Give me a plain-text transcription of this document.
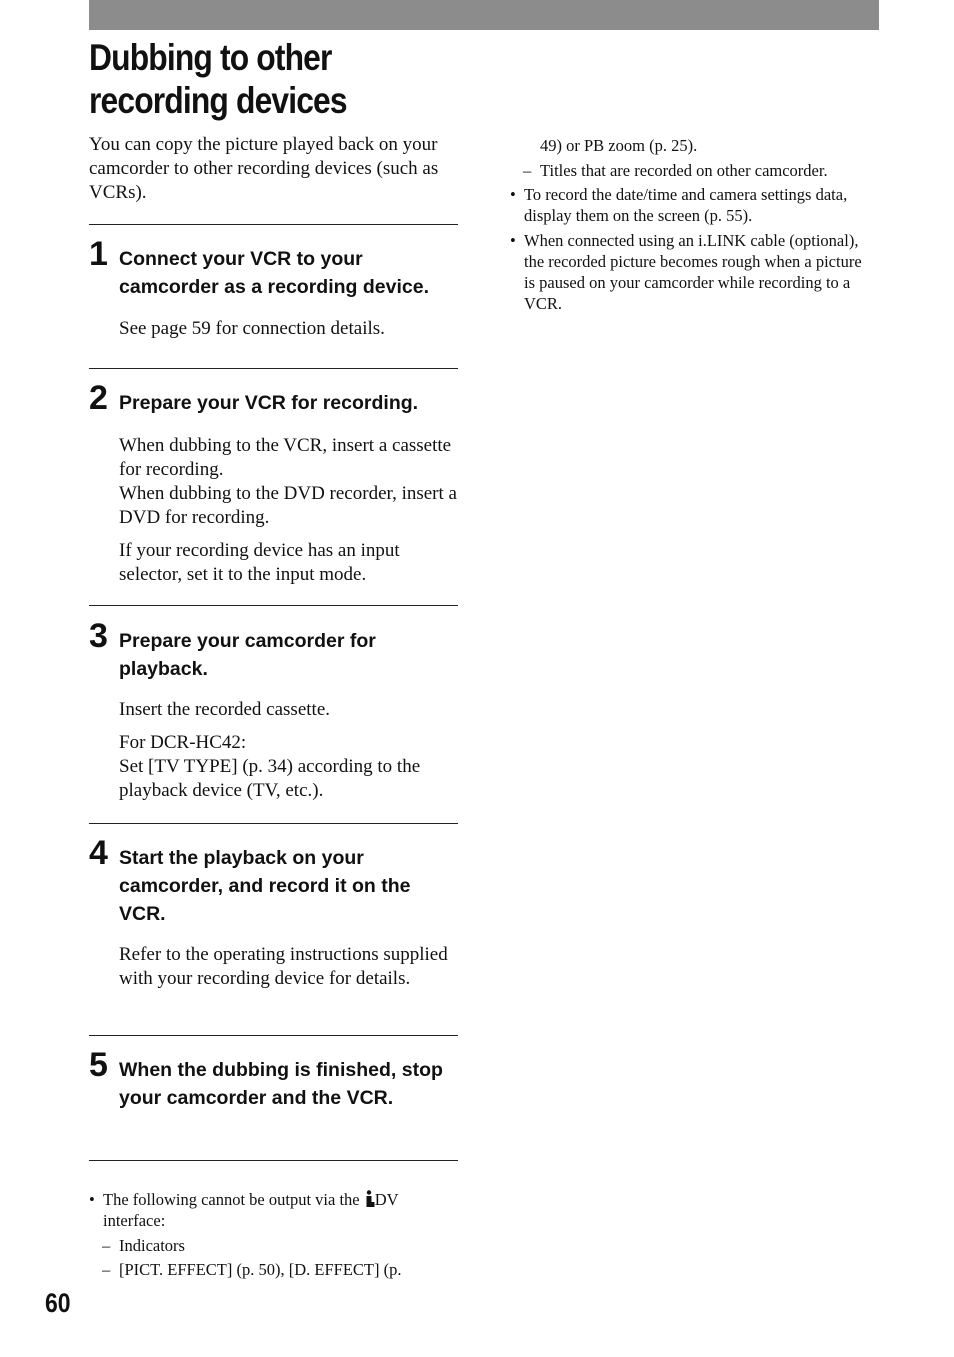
Dubbing to other recording devices

You can copy the picture played back on your camcorder to other recording devices (such as VCRs).

1 Connect your VCR to your camcorder as a recording device.

See page 59 for connection details.

2 Prepare your VCR for recording.

When dubbing to the VCR, insert a cassette for recording.
When dubbing to the DVD recorder, insert a DVD for recording.

If your recording device has an input selector, set it to the input mode.

3 Prepare your camcorder for playback.

Insert the recorded cassette.

For DCR-HC42:
Set [TV TYPE] (p. 34) according to the playback device (TV, etc.).

4 Start the playback on your camcorder, and record it on the VCR.

Refer to the operating instructions supplied with your recording device for details.

5 When the dubbing is finished, stop your camcorder and the VCR.
• The following cannot be output via the DV interface:
– Indicators
– [PICT. EFFECT] (p. 50), [D. EFFECT] (p.
49) or PB zoom (p. 25).
– Titles that are recorded on other camcorder.
• To record the date/time and camera settings data, display them on the screen (p. 55).
• When connected using an i.LINK cable (optional), the recorded picture becomes rough when a picture is paused on your camcorder while recording to a VCR.
60
